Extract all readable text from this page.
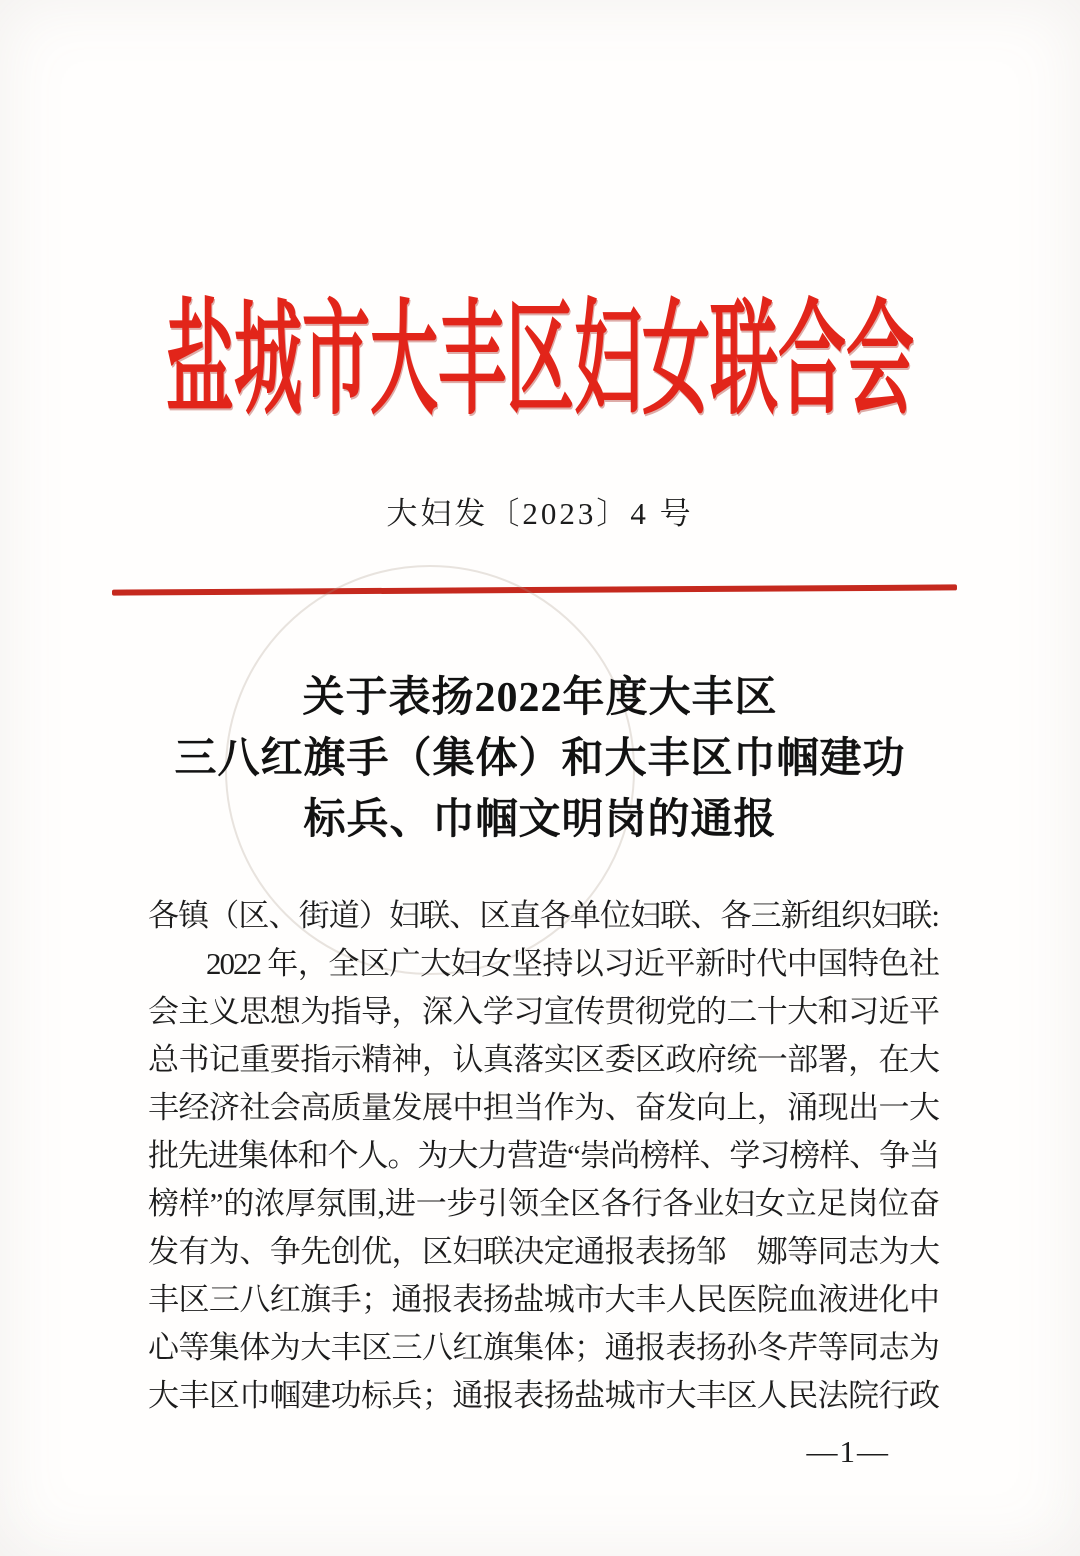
盐城市大丰区妇女联合会
大妇发〔2023〕4 号
关于表扬2022年度大丰区
三八红旗手（集体）和大丰区巾帼建功
标兵、巾帼文明岗的通报
各镇（区、街道）妇联、区直各单位妇联、各三新组织妇联:
2022 年，全区广大妇女坚持以习近平新时代中国特色社
会主义思想为指导，深入学习宣传贯彻党的二十大和习近平
总书记重要指示精神，认真落实区委区政府统一部署，在大
丰经济社会高质量发展中担当作为、奋发向上，涌现出一大
批先进集体和个人。为大力营造“崇尚榜样、学习榜样、争当
榜样”的浓厚氛围,进一步引领全区各行各业妇女立足岗位奋
发有为、争先创优，区妇联决定通报表扬邹　娜等同志为大
丰区三八红旗手；通报表扬盐城市大丰人民医院血液进化中
心等集体为大丰区三八红旗集体；通报表扬孙冬芹等同志为
大丰区巾帼建功标兵；通报表扬盐城市大丰区人民法院行政
—1—
